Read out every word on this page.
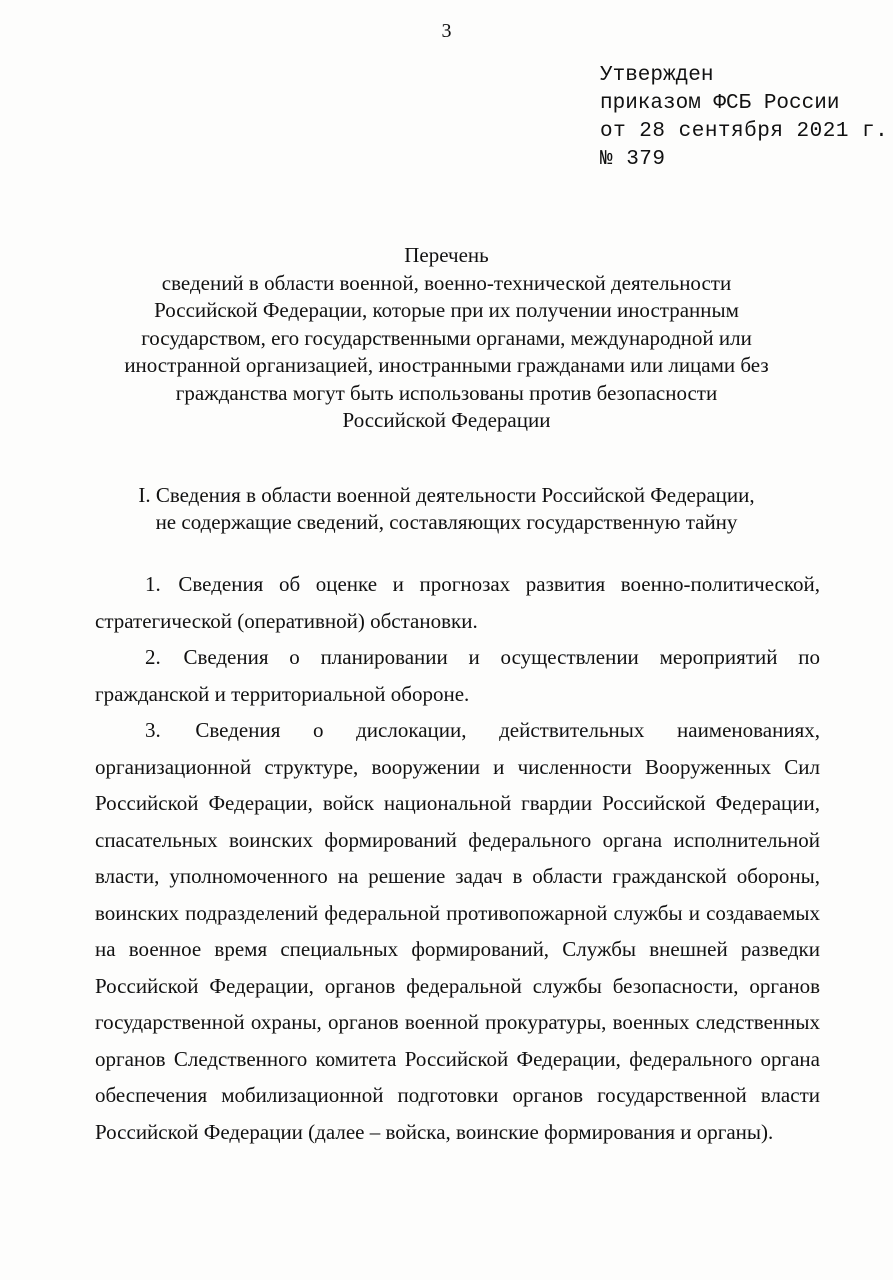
3
Утвержден
приказом ФСБ России
от 28 сентября 2021 г.
№ 379
Перечень
сведений в области военной, военно-технической деятельности
Российской Федерации, которые при их получении иностранным
государством, его государственными органами, международной или
иностранной организацией, иностранными гражданами или лицами без
гражданства могут быть использованы против безопасности
Российской Федерации
I. Сведения в области военной деятельности Российской Федерации,
не содержащие сведений, составляющих государственную тайну

1. Сведения об оценке и прогнозах развития военно-политической, стратегической (оперативной) обстановки.

2. Сведения о планировании и осуществлении мероприятий по гражданской и территориальной обороне.

3. Сведения о дислокации, действительных наименованиях, организационной структуре, вооружении и численности Вооруженных Сил Российской Федерации, войск национальной гвардии Российской Федерации, спасательных воинских формирований федерального органа исполнительной власти, уполномоченного на решение задач в области гражданской обороны, воинских подразделений федеральной противопожарной службы и создаваемых на военное время специальных формирований, Службы внешней разведки Российской Федерации, органов федеральной службы безопасности, органов государственной охраны, органов военной прокуратуры, военных следственных органов Следственного комитета Российской Федерации, федерального органа обеспечения мобилизационной подготовки органов государственной власти Российской Федерации (далее – войска, воинские формирования и органы).
